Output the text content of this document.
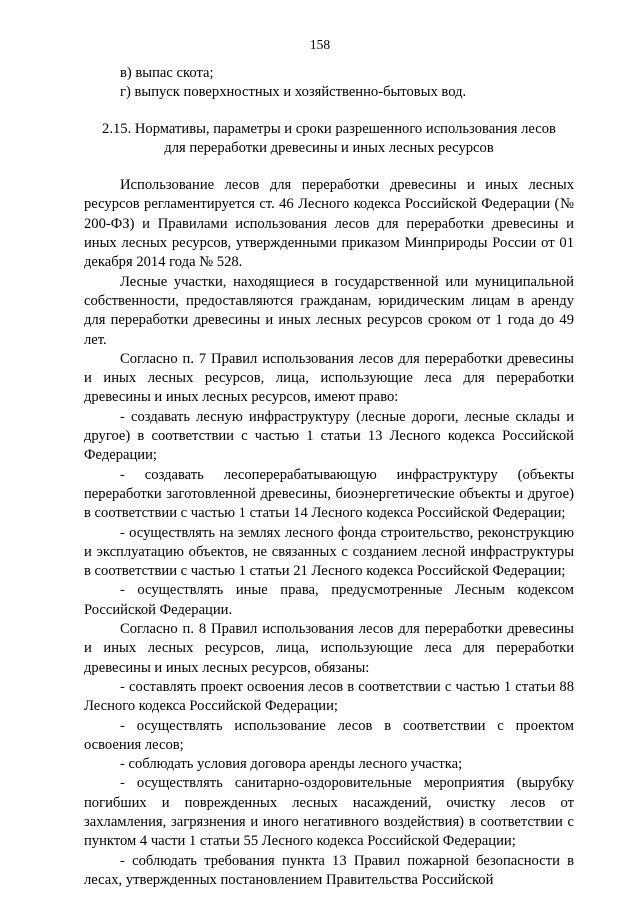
158

в) выпас скота;

г) выпуск поверхностных и хозяйственно-бытовых вод.

2.15. Нормативы, параметры и сроки разрешенного использования лесов
для переработки древесины и иных лесных ресурсов

Использование лесов для переработки древесины и иных лесных ресурсов регламентируется ст. 46 Лесного кодекса Российской Федерации (№ 200-ФЗ) и Правилами использования лесов для переработки древесины и иных лесных ресурсов, утвержденными приказом Минприроды России от 01 декабря 2014 года № 528.

Лесные участки, находящиеся в государственной или муниципальной собственности, предоставляются гражданам, юридическим лицам в аренду для переработки древесины и иных лесных ресурсов сроком от 1 года до 49 лет.

Согласно п. 7 Правил использования лесов для переработки древесины и иных лесных ресурсов, лица, использующие леса для переработки древесины и иных лесных ресурсов, имеют право:

- создавать лесную инфраструктуру (лесные дороги, лесные склады и другое) в соответствии с частью 1 статьи 13 Лесного кодекса Российской Федерации;

- создавать лесоперерабатывающую инфраструктуру (объекты переработки заготовленной древесины, биоэнергетические объекты и другое) в соответствии с частью 1 статьи 14 Лесного кодекса Российской Федерации;

- осуществлять на землях лесного фонда строительство, реконструкцию и эксплуатацию объектов, не связанных с созданием лесной инфраструктуры в соответствии с частью 1 статьи 21 Лесного кодекса Российской Федерации;

- осуществлять иные права, предусмотренные Лесным кодексом Российской Федерации.

Согласно п. 8 Правил использования лесов для переработки древесины и иных лесных ресурсов, лица, использующие леса для переработки древесины и иных лесных ресурсов, обязаны:

- составлять проект освоения лесов в соответствии с частью 1 статьи 88 Лесного кодекса Российской Федерации;

- осуществлять использование лесов в соответствии с проектом освоения лесов;

- соблюдать условия договора аренды лесного участка;

- осуществлять санитарно-оздоровительные мероприятия (вырубку погибших и поврежденных лесных насаждений, очистку лесов от захламления, загрязнения и иного негативного воздействия) в соответствии с пунктом 4 части 1 статьи 55 Лесного кодекса Российской Федерации;

- соблюдать требования пункта 13 Правил пожарной безопасности в лесах, утвержденных постановлением Правительства Российской
